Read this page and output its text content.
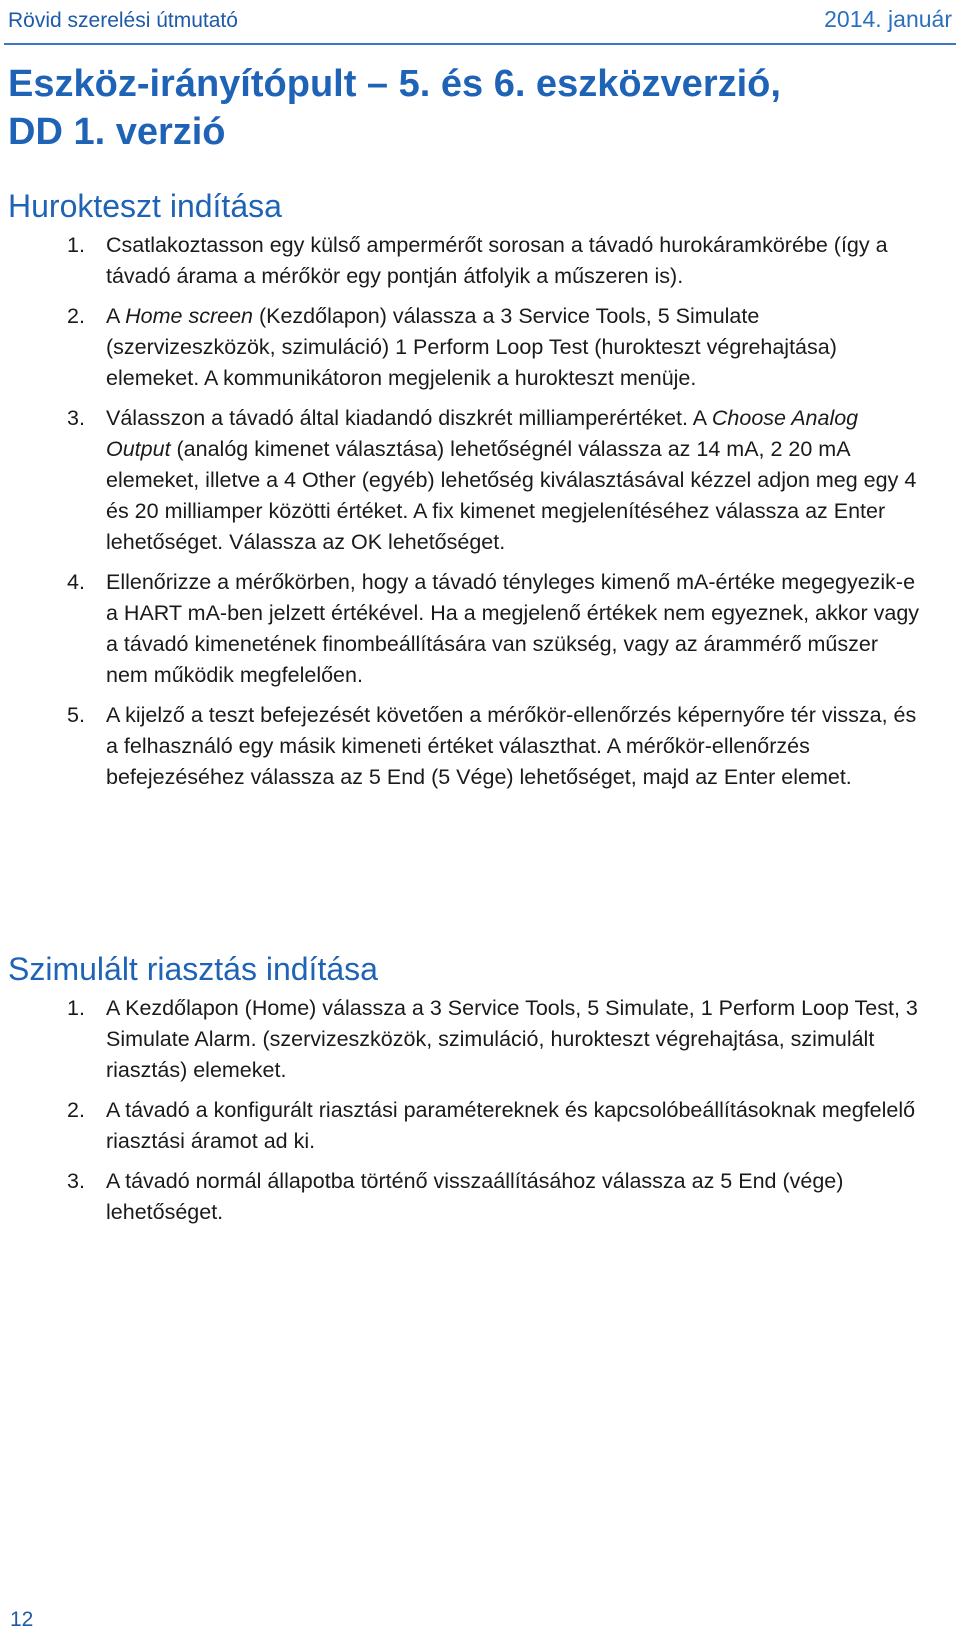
Rövid szerelési útmutató	2014. január
Eszköz-irányítópult – 5. és 6. eszközverzió,
DD 1. verzió
Hurokteszt indítása
1. Csatlakoztasson egy külső ampermérőt sorosan a távadó hurokáramkörébe (így a távadó árama a mérőkör egy pontján átfolyik a műszeren is).
2. A Home screen (Kezdőlapon) válassza a 3 Service Tools, 5 Simulate (szervizeszközök, szimuláció) 1 Perform Loop Test (hurokteszt végrehajtása) elemeket. A kommunikátoron megjelenik a hurokteszt menüje.
3. Válasszon a távadó által kiadandó diszkrét milliamperértéket. A Choose Analog Output (analóg kimenet választása) lehetőségnél válassza az 14 mA, 2 20 mA elemeket, illetve a 4 Other (egyéb) lehetőség kiválasztásával kézzel adjon meg egy 4 és 20 milliamper közötti értéket. A fix kimenet megjelenítéséhez válassza az Enter lehetőséget. Válassza az OK lehetőséget.
4. Ellenőrizze a mérőkörben, hogy a távadó tényleges kimenő mA-értéke megegyezik-e a HART mA-ben jelzett értékével. Ha a megjelenő értékek nem egyeznek, akkor vagy a távadó kimenetének finombeállítására van szükség, vagy az árammérő műszer nem működik megfelelően.
5. A kijelző a teszt befejezését követően a mérőkör-ellenőrzés képernyőre tér vissza, és a felhasználó egy másik kimeneti értéket választhat. A mérőkör-ellenőrzés befejezéséhez válassza az 5 End (5 Vége) lehetőséget, majd az Enter elemet.
Szimulált riasztás indítása
1. A Kezdőlapon (Home) válassza a 3 Service Tools, 5 Simulate, 1 Perform Loop Test, 3 Simulate Alarm. (szervizeszközök, szimuláció, hurokteszt végrehajtása, szimulált riasztás) elemeket.
2. A távadó a konfigurált riasztási paramétereknek és kapcsolóbeállításoknak megfelelő riasztási áramot ad ki.
3. A távadó normál állapotba történő visszaállításához válassza az 5 End (vége) lehetőséget.
12
